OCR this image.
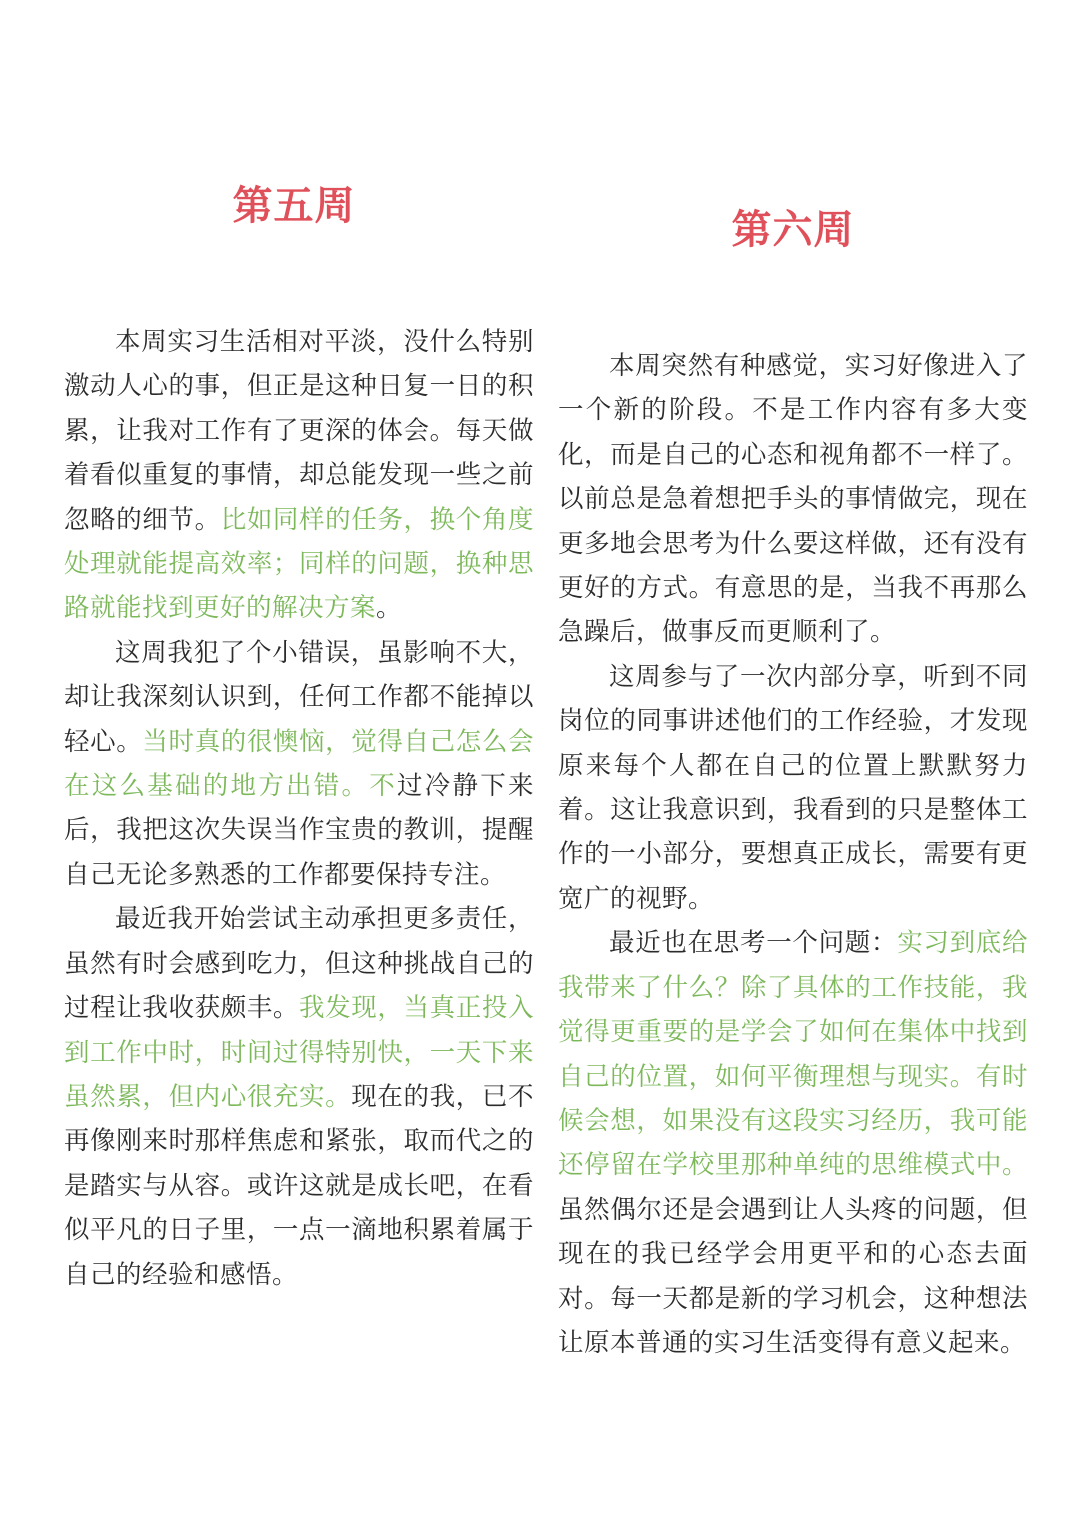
第五周

本周实习生活相对平淡，没什么特别激动人心的事，但正是这种日复一日的积累，让我对工作有了更深的体会。每天做着看似重复的事情，却总能发现一些之前忽略的细节。比如同样的任务，换个角度处理就能提高效率；同样的问题，换种思路就能找到更好的解决方案。

这周我犯了个小错误，虽影响不大，却让我深刻认识到，任何工作都不能掉以轻心。当时真的很懊恼，觉得自己怎么会在这么基础的地方出错。不过冷静下来后，我把这次失误当作宝贵的教训，提醒自己无论多熟悉的工作都要保持专注。

最近我开始尝试主动承担更多责任，虽然有时会感到吃力，但这种挑战自己的过程让我收获颇丰。我发现，当真正投入到工作中时，时间过得特别快，一天下来虽然累，但内心很充实。现在的我，已不再像刚来时那样焦虑和紧张，取而代之的是踏实与从容。或许这就是成长吧，在看似平凡的日子里，一点一滴地积累着属于自己的经验和感悟。

第六周

本周突然有种感觉，实习好像进入了一个新的阶段。不是工作内容有多大变化，而是自己的心态和视角都不一样了。以前总是急着想把手头的事情做完，现在更多地会思考为什么要这样做，还有没有更好的方式。有意思的是，当我不再那么急躁后，做事反而更顺利了。

这周参与了一次内部分享，听到不同岗位的同事讲述他们的工作经验，才发现原来每个人都在自己的位置上默默努力着。这让我意识到，我看到的只是整体工作的一小部分，要想真正成长，需要有更宽广的视野。

最近也在思考一个问题：实习到底给我带来了什么？除了具体的工作技能，我觉得更重要的是学会了如何在集体中找到自己的位置，如何平衡理想与现实。有时候会想，如果没有这段实习经历，我可能还停留在学校里那种单纯的思维模式中。虽然偶尔还是会遇到让人头疼的问题，但现在的我已经学会用更平和的心态去面对。每一天都是新的学习机会，这种想法让原本普通的实习生活变得有意义起来。
